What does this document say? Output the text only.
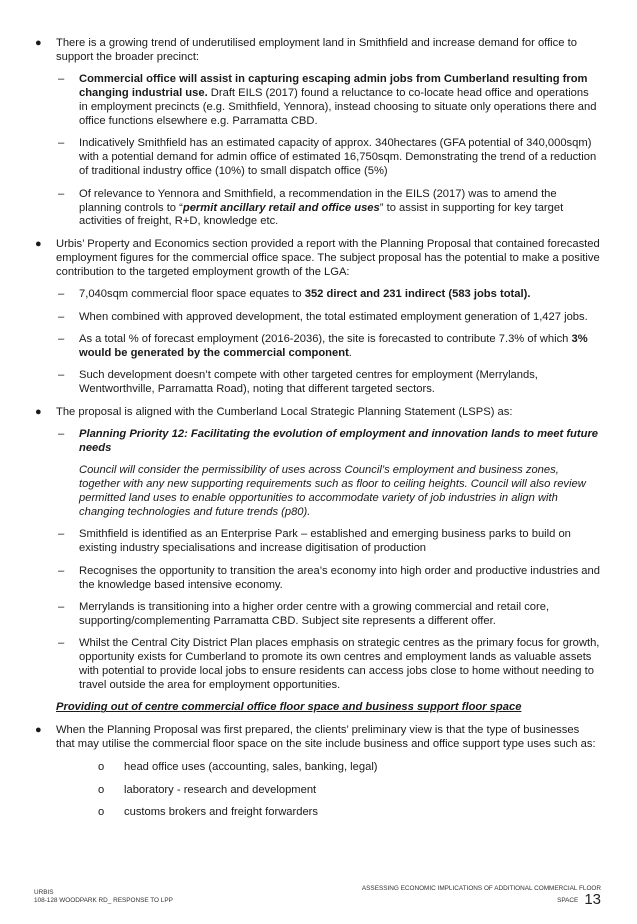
● There is a growing trend of underutilised employment land in Smithfield and increase demand for office to support the broader precinct:
– Commercial office will assist in capturing escaping admin jobs from Cumberland resulting from changing industrial use. Draft EILS (2017) found a reluctance to co-locate head office and operations in employment precincts (e.g. Smithfield, Yennora), instead choosing to situate only operations there and office functions elsewhere e.g. Parramatta CBD.
– Indicatively Smithfield has an estimated capacity of approx. 340hectares (GFA potential of 340,000sqm) with a potential demand for admin office of estimated 16,750sqm. Demonstrating the trend of a reduction of traditional industry office (10%) to small dispatch office (5%)
– Of relevance to Yennora and Smithfield, a recommendation in the EILS (2017) was to amend the planning controls to “permit ancillary retail and office uses” to assist in supporting for key target activities of freight, R+D, knowledge etc.
● Urbis’ Property and Economics section provided a report with the Planning Proposal that contained forecasted employment figures for the commercial office space. The subject proposal has the potential to make a positive contribution to the targeted employment growth of the LGA:
– 7,040sqm commercial floor space equates to 352 direct and 231 indirect (583 jobs total).
– When combined with approved development, the total estimated employment generation of 1,427 jobs.
– As a total % of forecast employment (2016-2036), the site is forecasted to contribute 7.3% of which 3% would be generated by the commercial component.
– Such development doesn’t compete with other targeted centres for employment (Merrylands, Wentworthville, Parramatta Road), noting that different targeted sectors.
● The proposal is aligned with the Cumberland Local Strategic Planning Statement (LSPS) as:
– Planning Priority 12: Facilitating the evolution of employment and innovation lands to meet future needs
Council will consider the permissibility of uses across Council’s employment and business zones, together with any new supporting requirements such as floor to ceiling heights. Council will also review permitted land uses to enable opportunities to accommodate variety of job industries in align with changing technologies and future trends (p80).
– Smithfield is identified as an Enterprise Park – established and emerging business parks to build on existing industry specialisations and increase digitisation of production
– Recognises the opportunity to transition the area’s economy into high order and productive industries and the knowledge based intensive economy.
– Merrylands is transitioning into a higher order centre with a growing commercial and retail core, supporting/complementing Parramatta CBD. Subject site represents a different offer.
– Whilst the Central City District Plan places emphasis on strategic centres as the primary focus for growth, opportunity exists for Cumberland to promote its own centres and employment lands as valuable assets with potential to provide local jobs to ensure residents can access jobs close to home without needing to travel outside the area for employment opportunities.
Providing out of centre commercial office floor space and business support floor space
● When the Planning Proposal was first prepared, the clients’ preliminary view is that the type of businesses that may utilise the commercial floor space on the site include business and office support type uses such as:
o head office uses (accounting, sales, banking, legal)
o laboratory - research and development
o customs brokers and freight forwarders
URBIS
108-128 WOODPARK RD_ RESPONSE TO LPP
ASSESSING ECONOMIC IMPLICATIONS OF ADDITIONAL COMMERCIAL FLOOR
SPACE 13
